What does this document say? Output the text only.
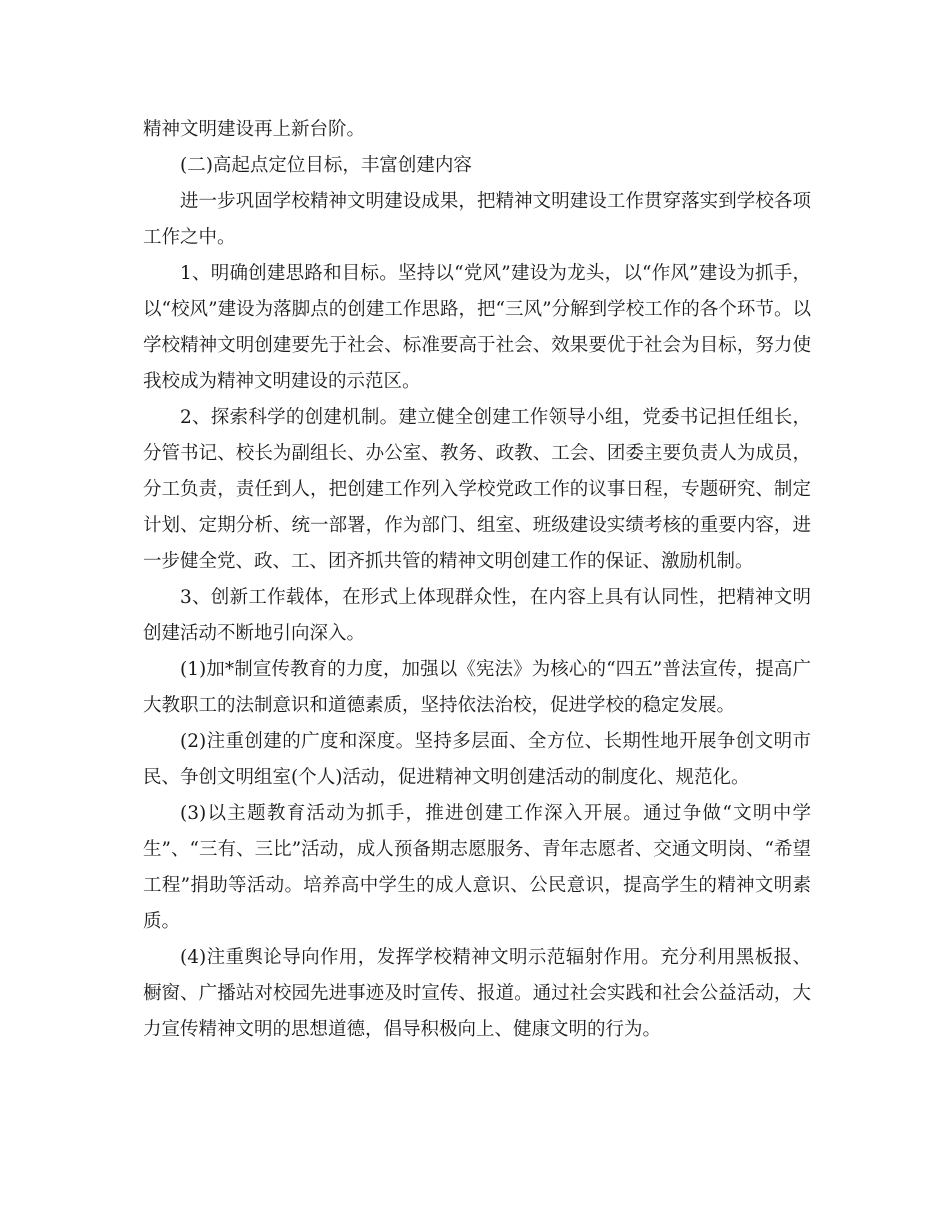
精神文明建设再上新台阶。

(二)高起点定位目标，丰富创建内容

进一步巩固学校精神文明建设成果，把精神文明建设工作贯穿落实到学校各项工作之中。

1、明确创建思路和目标。坚持以“党风”建设为龙头，以“作风”建设为抓手，以“校风”建设为落脚点的创建工作思路，把“三风”分解到学校工作的各个环节。以学校精神文明创建要先于社会、标准要高于社会、效果要优于社会为目标，努力使我校成为精神文明建设的示范区。

2、探索科学的创建机制。建立健全创建工作领导小组，党委书记担任组长，分管书记、校长为副组长、办公室、教务、政教、工会、团委主要负责人为成员，分工负责，责任到人，把创建工作列入学校党政工作的议事日程，专题研究、制定计划、定期分析、统一部署，作为部门、组室、班级建设实绩考核的重要内容，进一步健全党、政、工、团齐抓共管的精神文明创建工作的保证、激励机制。

3、创新工作载体，在形式上体现群众性，在内容上具有认同性，把精神文明创建活动不断地引向深入。

(1)加*制宣传教育的力度，加强以《宪法》为核心的“四五”普法宣传，提高广大教职工的法制意识和道德素质，坚持依法治校，促进学校的稳定发展。

(2)注重创建的广度和深度。坚持多层面、全方位、长期性地开展争创文明市民、争创文明组室(个人)活动，促进精神文明创建活动的制度化、规范化。

(3)以主题教育活动为抓手，推进创建工作深入开展。通过争做“文明中学生”、“三有、三比”活动，成人预备期志愿服务、青年志愿者、交通文明岗、“希望工程”捐助等活动。培养高中学生的成人意识、公民意识，提高学生的精神文明素质。

(4)注重舆论导向作用，发挥学校精神文明示范辐射作用。充分利用黑板报、橱窗、广播站对校园先进事迹及时宣传、报道。通过社会实践和社会公益活动，大力宣传精神文明的思想道德，倡导积极向上、健康文明的行为。
